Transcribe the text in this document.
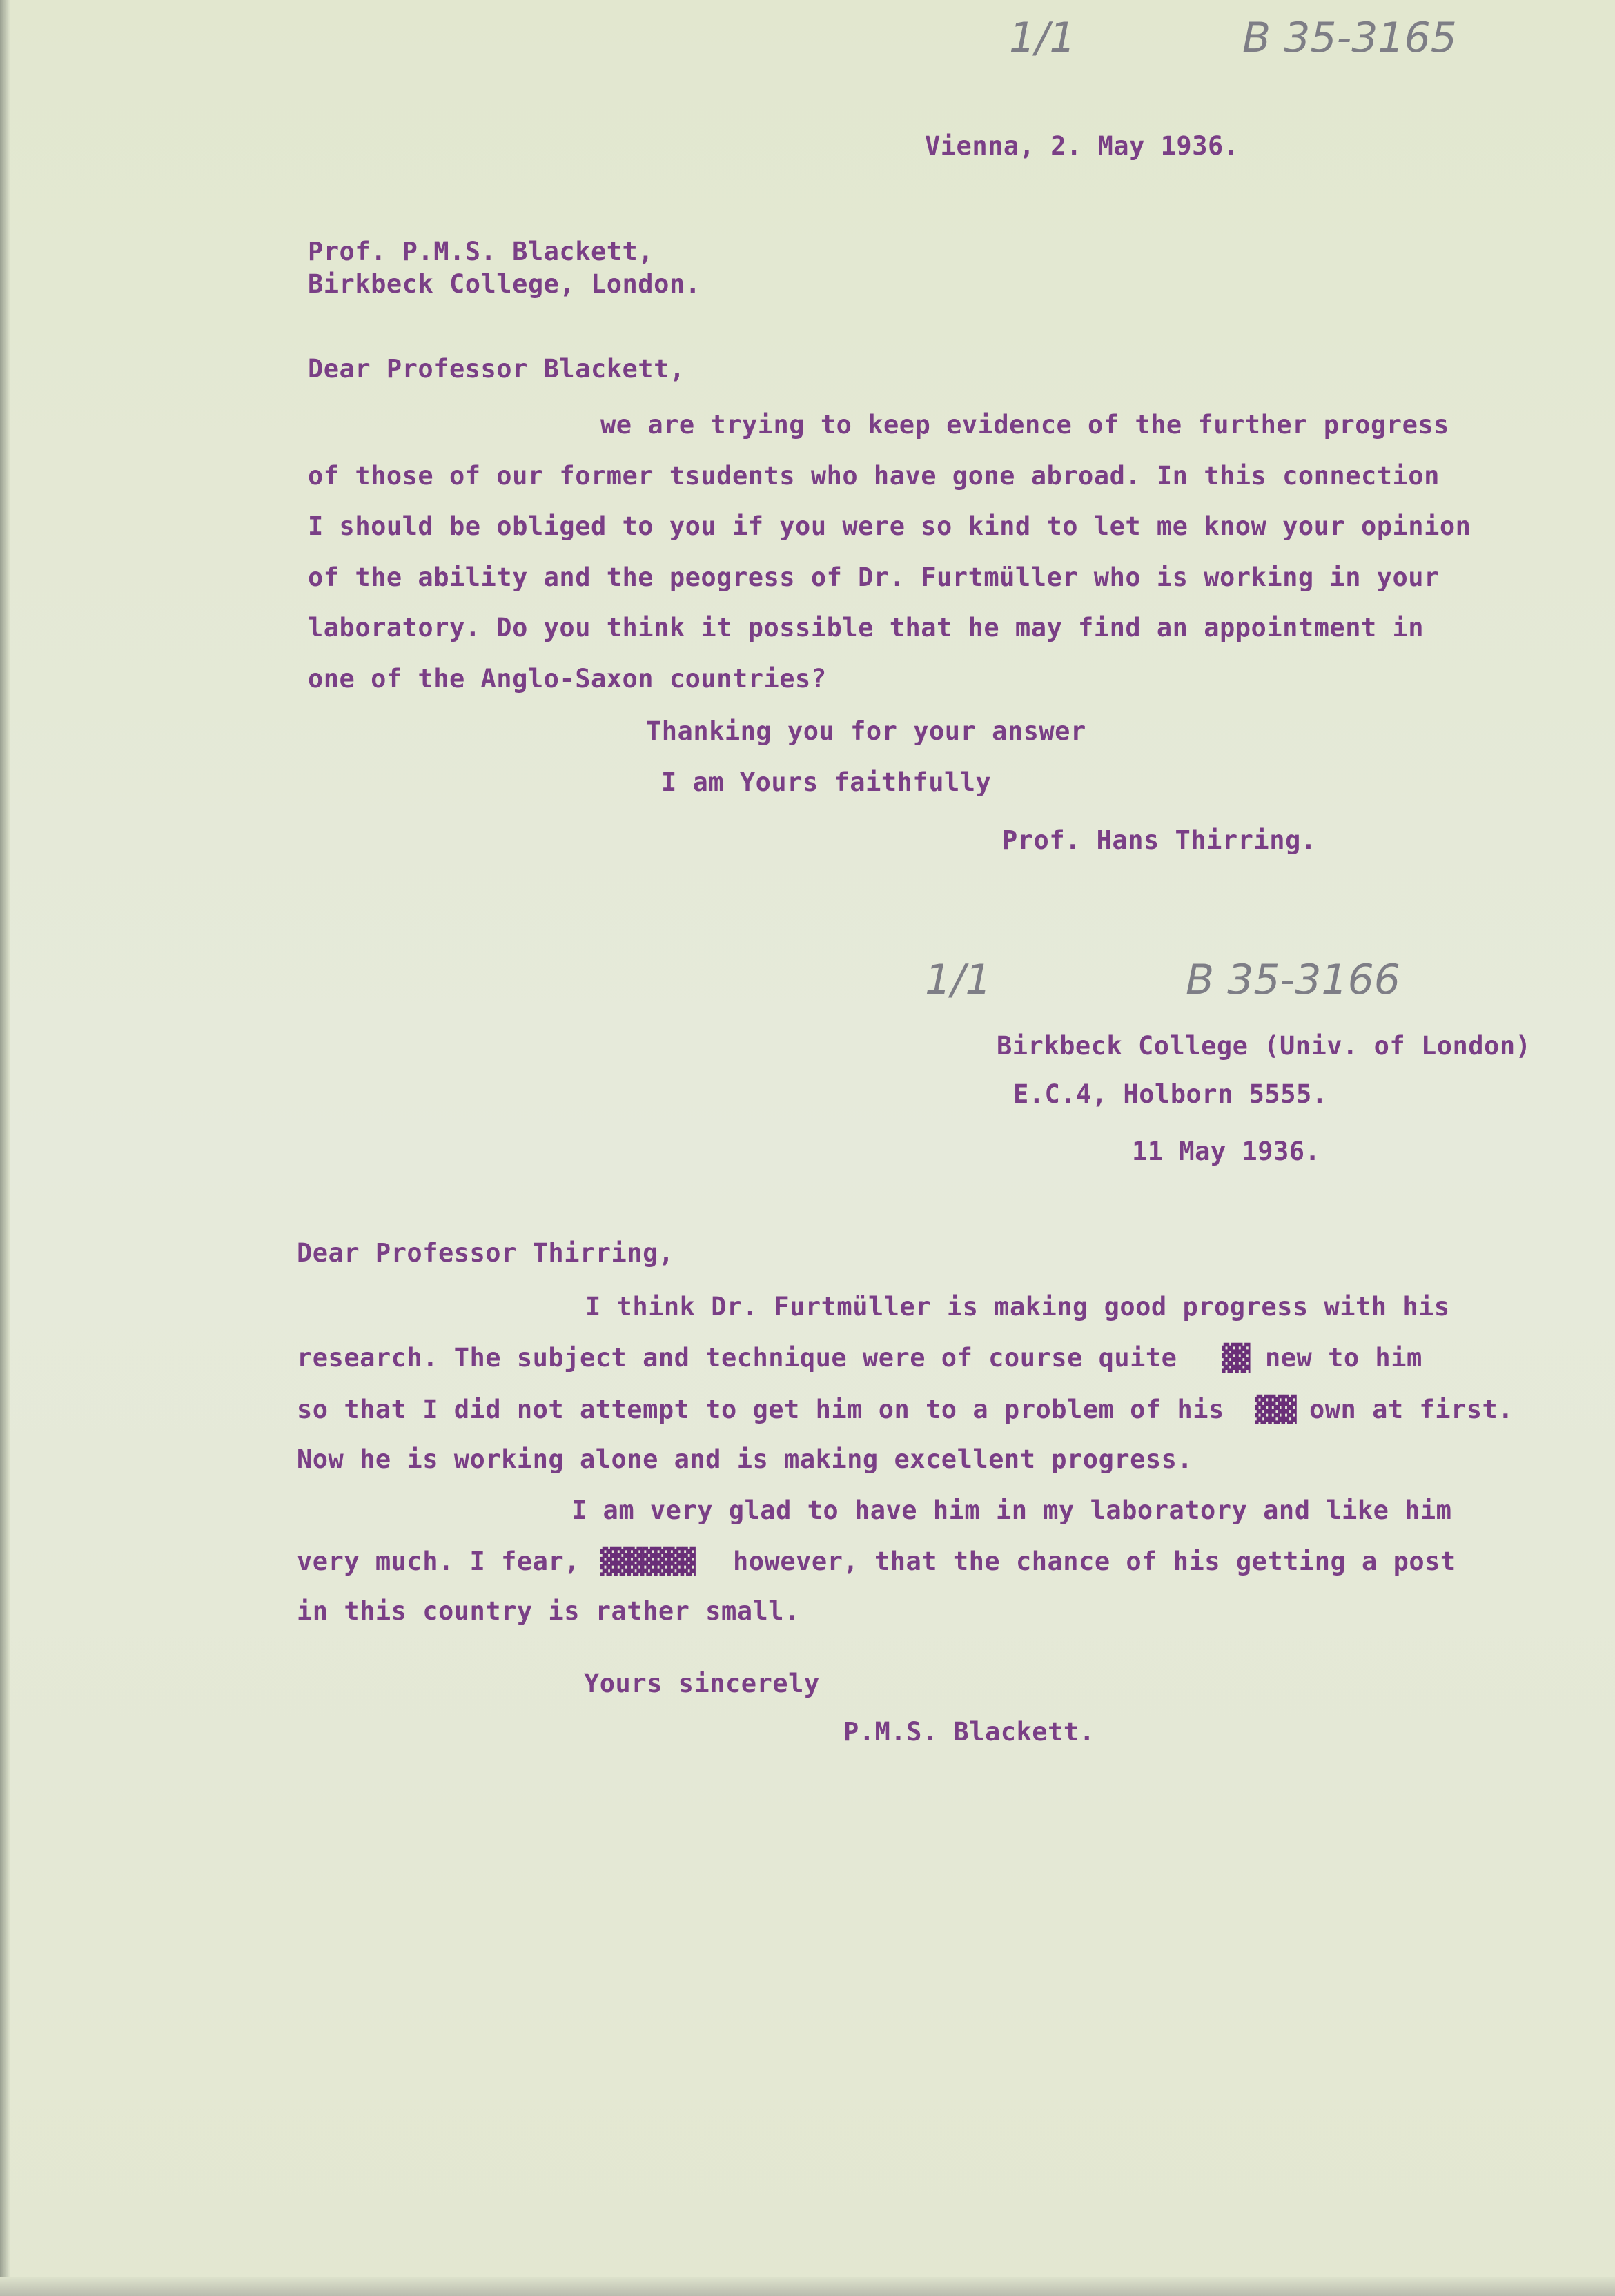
1/1	B 35-3165

1/1	B 35-3166

Vienna, 2. May 1936.

Prof. P.M.S. Blackett,

Birkbeck College, London.

Dear Professor Blackett,

we are trying to keep evidence of the further progress

of those of our former tsudents who have gone abroad. In this connection

I should be obliged to you if you were so kind to let me know your opinion

of the ability and the peogress of Dr. Furtmüller who is working in your

laboratory. Do you think it possible that he may find an appointment in

one of the Anglo-Saxon countries?

Thanking you for your answer

I am Yours faithfully

Prof. Hans Thirring.

Birkbeck College (Univ. of London)

E.C.4, Holborn 5555.

11 May 1936.

Dear Professor Thirring,

I think Dr. Furtmüller is making good progress with his

research. The subject and technique were of course quite ▓▓ new to him

so that I did not attempt to get him on to a problem of his ▓▓▓ own at first.

Now he is working alone and is making excellent progress.

I am very glad to have him in my laboratory and like him

very much. I fear, ▓▓▓▓▓▓▓ however, that the chance of his getting a post

in this country is rather small.

Yours sincerely

P.M.S. Blackett.
